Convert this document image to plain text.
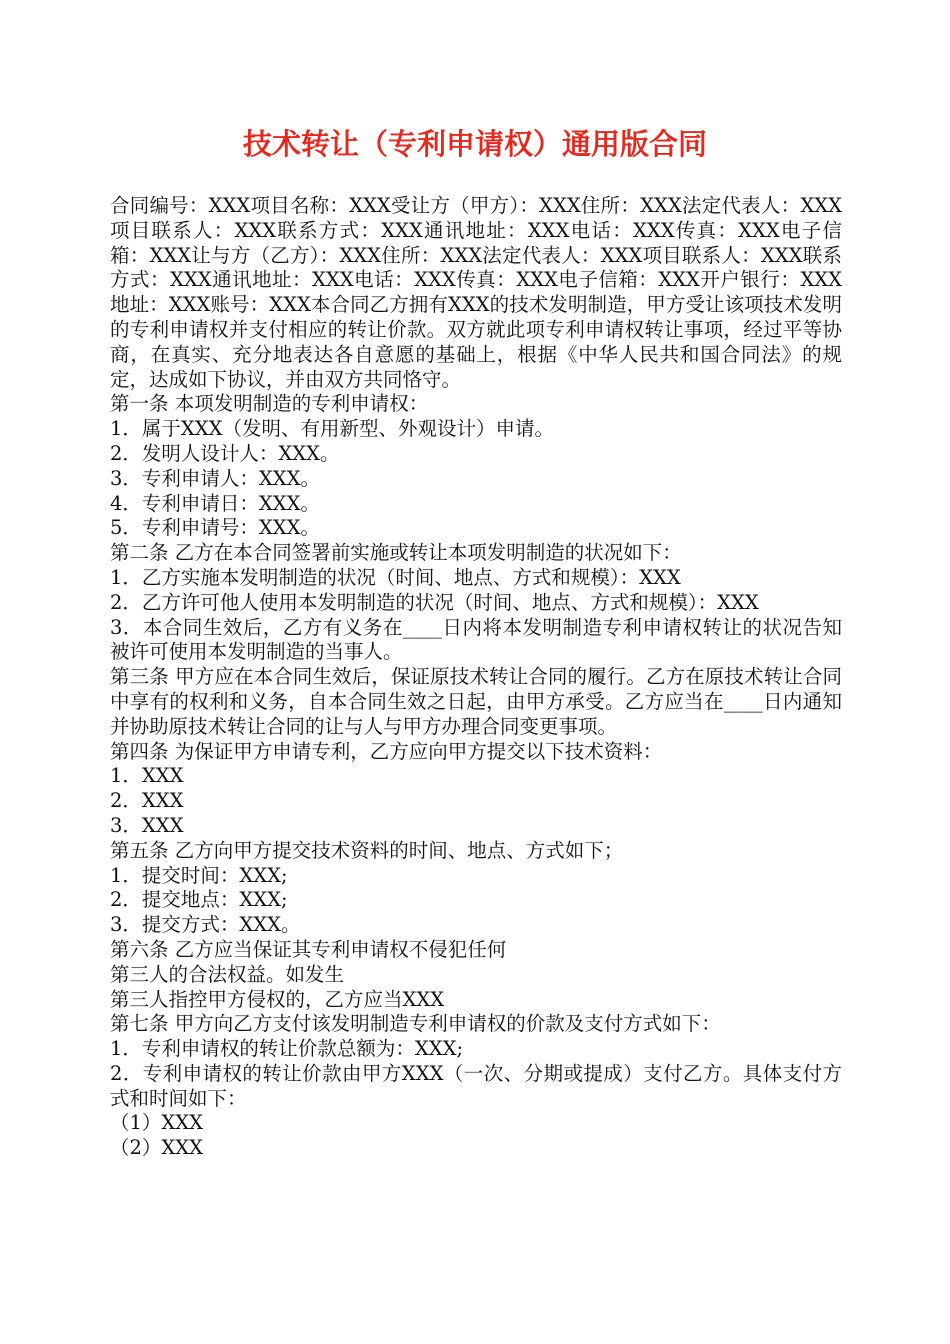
技术转让（专利申请权）通用版合同

合同编号：XXX项目名称：XXX受让方（甲方）：XXX住所：XXX法定代表人：XXX项目联系人：XXX联系方式：XXX通讯地址：XXX电话：XXX传真：XXX电子信箱：XXX让与方（乙方）：XXX住所：XXX法定代表人：XXX项目联系人：XXX联系方式：XXX通讯地址：XXX电话：XXX传真：XXX电子信箱：XXX开户银行：XXX地址：XXX账号：XXX本合同乙方拥有XXX的技术发明制造，甲方受让该项技术发明的专利申请权并支付相应的转让价款。双方就此项专利申请权转让事项，经过平等协商，在真实、充分地表达各自意愿的基础上，根据《中华人民共和国合同法》的规定，达成如下协议，并由双方共同恪守。

第一条 本项发明制造的专利申请权：

1．属于XXX（发明、有用新型、外观设计）申请。

2．发明人设计人：XXX。

3．专利申请人：XXX。

4．专利申请日：XXX。

5．专利申请号：XXX。

第二条 乙方在本合同签署前实施或转让本项发明制造的状况如下：

1．乙方实施本发明制造的状况（时间、地点、方式和规模）：XXX

2．乙方许可他人使用本发明制造的状况（时间、地点、方式和规模）：XXX

3．本合同生效后，乙方有义务在____日内将本发明制造专利申请权转让的状况告知被许可使用本发明制造的当事人。

第三条 甲方应在本合同生效后，保证原技术转让合同的履行。乙方在原技术转让合同中享有的权利和义务，自本合同生效之日起，由甲方承受。乙方应当在____日内通知并协助原技术转让合同的让与人与甲方办理合同变更事项。

第四条 为保证甲方申请专利，乙方应向甲方提交以下技术资料：

1．XXX

2．XXX

3．XXX

第五条 乙方向甲方提交技术资料的时间、地点、方式如下；

1．提交时间：XXX;

2．提交地点：XXX;

3．提交方式：XXX。

第六条 乙方应当保证其专利申请权不侵犯任何

第三人的合法权益。如发生

第三人指控甲方侵权的，乙方应当XXX

第七条 甲方向乙方支付该发明制造专利申请权的价款及支付方式如下：

1．专利申请权的转让价款总额为：XXX;

2．专利申请权的转让价款由甲方XXX（一次、分期或提成）支付乙方。具体支付方式和时间如下：

（1）XXX

（2）XXX
